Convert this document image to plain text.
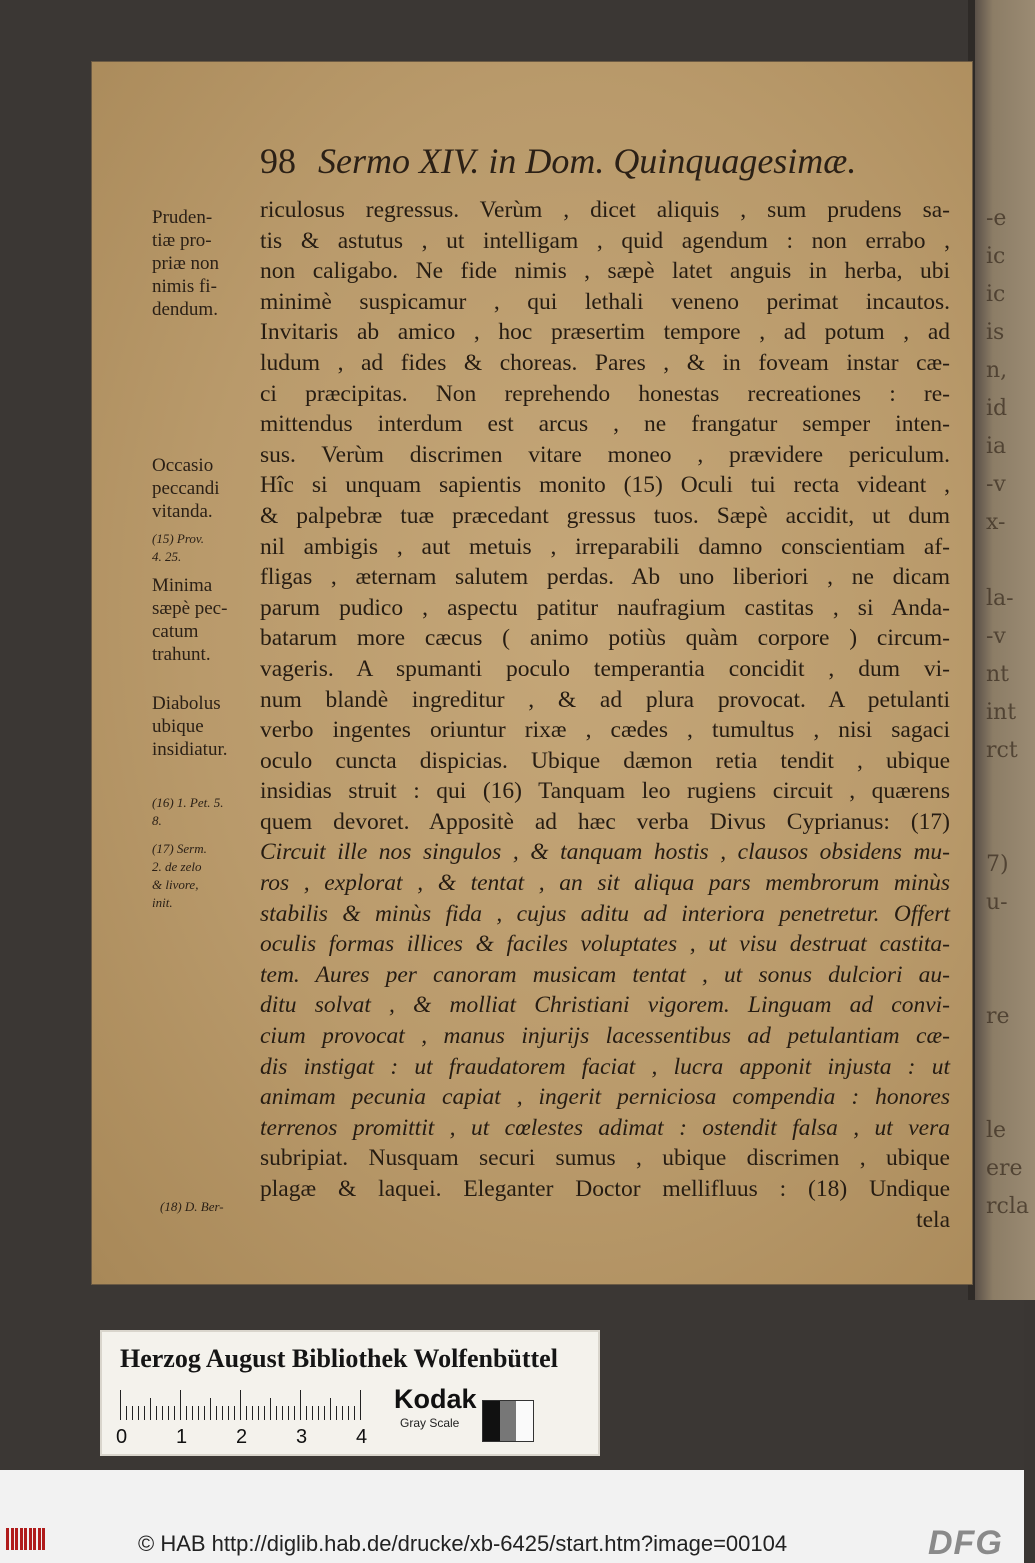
-e
ic
ic
is
n,
id
ia
-v
x-

la-
-v
nt
int
rct

7)
u-

re

le
ere
rcla
98 Sermo XIV. in Dom. Quinquagesimæ.
Pruden-
tiæ pro-
priæ non
nimis fi-
dendum.
Occasio
peccandi
vitanda.
(15) Prov.
4. 25.
Minima
sæpè pec-
catum
trahunt.
Diabolus
ubique
insidiatur.
(16) 1. Pet. 5.
8.
(17) Serm.
2. de zelo
& livore,
init.
(18) D. Ber-
riculosus regressus. Verùm , dicet aliquis , sum prudens sa-
tis & astutus , ut intelligam , quid agendum : non errabo ,
non caligabo. Ne fide nimis , sæpè latet anguis in herba, ubi
minimè suspicamur , qui lethali veneno perimat incautos.
Invitaris ab amico , hoc præsertim tempore , ad potum , ad
ludum , ad fides & choreas. Pares , & in foveam instar cæ-
ci præcipitas. Non reprehendo honestas recreationes : re-
mittendus interdum est arcus , ne frangatur semper inten-
sus. Verùm discrimen vitare moneo , prævidere periculum.
Hîc si unquam sapientis monito (15) Oculi tui recta videant ,
& palpebræ tuæ præcedant gressus tuos. Sæpè accidit, ut dum
nil ambigis , aut metuis , irreparabili damno conscientiam af-
fligas , æternam salutem perdas. Ab uno liberiori , ne dicam
parum pudico , aspectu patitur naufragium castitas , si Anda-
batarum more cæcus ( animo potiùs quàm corpore ) circum-
vageris. A spumanti poculo temperantia concidit , dum vi-
num blandè ingreditur , & ad plura provocat. A petulanti
verbo ingentes oriuntur rixæ , cædes , tumultus , nisi sagaci
oculo cuncta dispicias. Ubique dæmon retia tendit , ubique
insidias struit : qui (16) Tanquam leo rugiens circuit , quærens
quem devoret. Appositè ad hæc verba Divus Cyprianus: (17)
Circuit ille nos singulos , & tanquam hostis , clausos obsidens mu-
ros , explorat , & tentat , an sit aliqua pars membrorum minùs
stabilis & minùs fida , cujus aditu ad interiora penetretur. Offert
oculis formas illices & faciles voluptates , ut visu destruat castita-
tem. Aures per canoram musicam tentat , ut sonus dulciori au-
ditu solvat , & molliat Christiani vigorem. Linguam ad convi-
cium provocat , manus injurijs lacessentibus ad petulantiam cæ-
dis instigat : ut fraudatorem faciat , lucra apponit injusta : ut
animam pecunia capiat , ingerit perniciosa compendia : honores
terrenos promittit , ut cœlestes adimat : ostendit falsa , ut vera
subripiat. Nusquam securi sumus , ubique discrimen , ubique
plagæ & laquei. Eleganter Doctor mellifluus : (18) Undique
tela
Herzog August Bibliothek Wolfenbüttel
0 1 2 3 4
Kodak
Gray Scale
© HAB http://diglib.hab.de/drucke/xb-6425/start.htm?image=00104	DFG
